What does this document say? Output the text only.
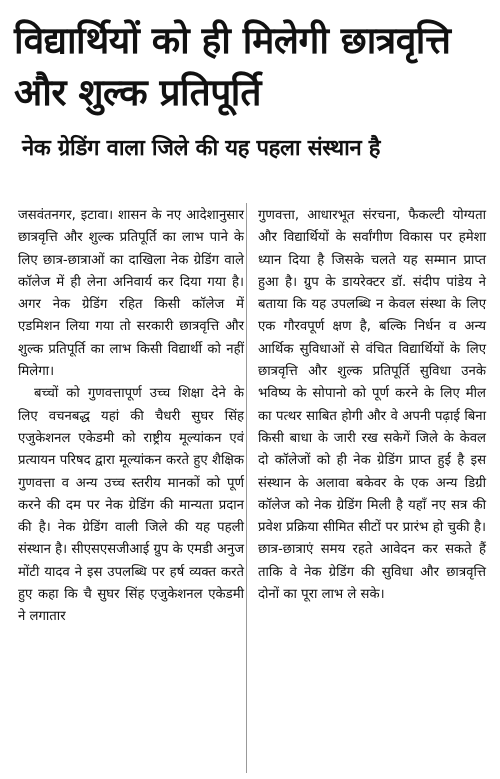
विद्यार्थियों को ही मिलेगी छात्रवृत्ति
और शुल्क प्रतिपूर्ति
नेक ग्रेडिंग वाला जिले की यह पहला संस्थान है

जसवंतनगर, इटावा। शासन के नए आदेशानुसार छात्रवृत्ति और शुल्क प्रतिपूर्ति का लाभ पाने के लिए छात्र-छात्राओं का दाखिला नेक ग्रेडिंग वाले कॉलेज में ही लेना अनिवार्य कर दिया गया है। अगर नेक ग्रेडिंग रहित किसी कॉलेज में एडमिशन लिया गया तो सरकारी छात्रवृत्ति और शुल्क प्रतिपूर्ति का लाभ किसी विद्यार्थी को नहीं मिलेगा।

बच्चों को गुणवत्तापूर्ण उच्च शिक्षा देने के लिए वचनबद्ध यहां की चैधरी सुघर सिंह एजुकेशनल एकेडमी को राष्ट्रीय मूल्यांकन एवं प्रत्यायन परिषद द्वारा मूल्यांकन करते हुए शैक्षिक गुणवत्ता व अन्य उच्च स्तरीय मानकों को पूर्ण करने की दम पर नेक ग्रेडिंग की मान्यता प्रदान की है। नेक ग्रेडिंग वाली जिले की यह पहली संस्थान है। सीएसएसजीआई ग्रुप के एमडी अनुज मोंटी यादव ने इस उपलब्धि पर हर्ष व्यक्त करते हुए कहा कि चै सुघर सिंह एजुकेशनल एकेडमी ने लगातार

गुणवत्ता, आधारभूत संरचना, फैकल्टी योग्यता और विद्यार्थियों के सर्वांगीण विकास पर हमेशा ध्यान दिया है जिसके चलते यह सम्मान प्राप्त हुआ है। ग्रुप के डायरेक्टर डॉ. संदीप पांडेय ने बताया कि यह उपलब्धि न केवल संस्था के लिए एक गौरवपूर्ण क्षण है, बल्कि निर्धन व अन्य आर्थिक सुविधाओं से वंचित विद्यार्थियों के लिए छात्रवृत्ति और शुल्क प्रतिपूर्ति सुविधा उनके भविष्य के सोपानो को पूर्ण करने के लिए मील का पत्थर साबित होगी और वे अपनी पढ़ाई बिना किसी बाधा के जारी रख सकेगें जिले के केवल दो कॉलेजों को ही नेक ग्रेडिंग प्राप्त हुई है इस संस्थान के अलावा बकेवर के एक अन्य डिग्री कॉलेज को नेक ग्रेडिंग मिली है यहाँ नए सत्र की प्रवेश प्रक्रिया सीमित सीटों पर प्रारंभ हो चुकी है। छात्र-छात्राएं समय रहते आवेदन कर सकते हैं ताकि वे नेक ग्रेडिंग की सुविधा और छात्रवृत्ति दोनों का पूरा लाभ ले सके।
